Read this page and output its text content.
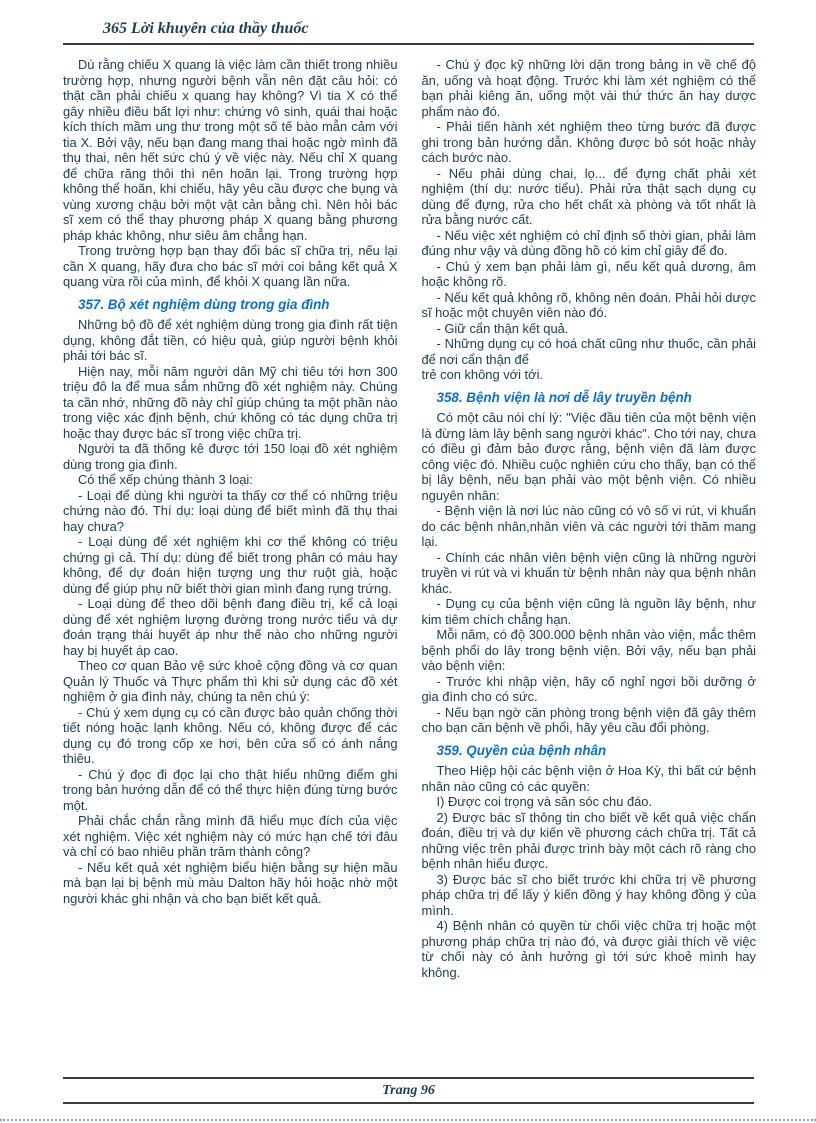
365 Lời khuyên của thầy thuốc

Dù rằng chiếu X quang là việc làm cần thiết trong nhiều trường hợp, nhưng người bệnh vẫn nên đặt câu hỏi: có thật cần phải chiếu x quang hay không? Vì tia X có thể gây nhiều điều bất lợi như: chứng vô sinh, quái thai hoặc kích thích mầm ung thư trong một số tế bào mẫn cảm với tia X. Bởi vậy, nếu bạn đang mang thai hoặc ngờ mình đã thụ thai, nên hết sức chú ý về việc này. Nếu chỉ X quang để chữa răng thôi thì nên hoãn lại. Trong trường hợp không thể hoãn, khi chiếu, hãy yêu cầu được che bụng và vùng xương chậu bởi một vật cản bằng chì. Nên hỏi bác sĩ xem có thể thay phương pháp X quang bằng phương pháp khác không, như siêu âm chẳng hạn.

Trong trường hợp bạn thay đổi bác sĩ chữa trị, nếu lại cần X quang, hãy đưa cho bác sĩ mới coi bảng kết quả X quang vừa rồi của mình, để khỏi X quang lần nữa.

357. Bộ xét nghiệm dùng trong gia đình

Những bộ đồ để xét nghiệm dùng trong gia đình rất tiện dụng, không đắt tiền, có hiệu quả, giúp người bệnh khỏi phải tới bác sĩ.

Hiện nay, mỗi năm người dân Mỹ chi tiêu tới hơn 300 triệu đô la để mua sắm những đồ xét nghiệm này. Chúng ta cần nhớ, những đồ này chỉ giúp chúng ta một phần nào trong việc xác định bệnh, chứ không có tác dụng chữa trị hoặc thay được bác sĩ trong việc chữa trị.

Người ta đã thống kê được tới 150 loại đồ xét nghiệm dùng trong gia đình.

Có thể xếp chúng thành 3 loại:

- Loại để dùng khi người ta thấy cơ thể có những triệu chứng nào đó. Thí dụ: loại dùng để biết mình đã thụ thai hay chưa?

- Loại dùng để xét nghiệm khi cơ thể không có triệu chứng gì cả. Thí dụ: dùng để biết trong phân có máu hay không, để dự đoán hiện tượng ung thư ruột già, hoặc dùng để giúp phụ nữ biết thời gian mình đang rụng trứng.

- Loại dùng để theo dõi bệnh đang điều trị, kể cả loại dùng để xét nghiệm lượng đường trong nước tiểu và dự đoán trạng thái huyết áp như thế nào cho những người hay bị huyết áp cao.

Theo cơ quan Bảo vệ sức khoẻ cộng đồng và cơ quan Quản lý Thuốc và Thực phẩm thì khi sử dụng các đồ xét nghiệm ở gia đình này, chúng ta nên chú ý:

- Chú ý xem dụng cụ có cần được bảo quản chống thời tiết nóng hoặc lạnh không. Nếu có, không được để các dụng cụ đó trong cốp xe hơi, bên cửa sổ có ánh nắng thiêu.

- Chú ý đọc đi đọc lại cho thật hiểu những điểm ghi trong bản hướng dẫn để có thể thực hiện đúng từng bước một.

Phải chắc chắn rằng mình đã hiểu mục đích của việc xét nghiệm. Việc xét nghiệm này có mức hạn chế tới đâu và chỉ có bao nhiêu phần trăm thành công?

- Nếu kết quả xét nghiệm biểu hiện bằng sự hiện mầu mà bạn lại bị bệnh mù màu Dalton hãy hỏi hoặc nhờ một người khác ghi nhận và cho bạn biết kết quả.

- Chú ý đọc kỹ những lời dặn trong bảng in về chế độ ăn, uống và hoạt động. Trước khi làm xét nghiệm có thể bạn phải kiêng ăn, uống một vài thứ thức ăn hay dược phẩm nào đó.

- Phải tiến hành xét nghiệm theo từng bước đã được ghi trong bản hướng dẫn. Không được bỏ sót hoặc nhảy cách bước nào.

- Nếu phải dùng chai, lọ... để đựng chất phải xét nghiệm (thí dụ: nước tiểu). Phải rửa thật sạch dụng cụ dùng để đựng, rửa cho hết chất xà phòng và tốt nhất là rửa bằng nước cất.

- Nếu việc xét nghiệm có chỉ định số thời gian, phải làm đúng như vậy và dùng đồng hồ có kim chỉ giây để đo.

- Chú ý xem bạn phải làm gì, nếu kết quả dương, âm hoặc không rõ.

- Nếu kết quả không rõ, không nên đoán. Phải hỏi dược sĩ hoặc một chuyên viên nào đó.

- Giữ cẩn thận kết quả.

- Những dụng cụ có hoá chất cũng như thuốc, cần phải để nơi cẩn thận để

trẻ con không với tới.

358. Bệnh viện là nơi dễ lây truyền bệnh

Có một câu nói chí lý: "Việc đầu tiên của một bệnh viện là đừng làm lây bệnh sang người khác". Cho tới nay, chưa có điều gì đảm bảo được rằng, bệnh viện đã làm được công việc đó. Nhiều cuộc nghiên cứu cho thấy, bạn có thể bị lây bệnh, nếu bạn phải vào một bệnh viện. Có nhiều nguyên nhân:

- Bệnh viện là nơi lúc nào cũng có vô số vi rút, vi khuẩn do các bệnh nhân,nhân viên và các người tới thăm mang lại.

- Chính các nhân viên bệnh viện cũng là những người truyền vi rút và vi khuẩn từ bệnh nhân này qua bệnh nhân khác.

- Dụng cụ của bệnh viện cũng là nguồn lây bệnh, như kim tiêm chích chẳng hạn.

Mỗi năm, có độ 300.000 bệnh nhân vào viện, mắc thêm bệnh phổi do lây trong bệnh viện. Bởi vậy, nếu bạn phải vào bệnh viện:

- Trước khi nhập viện, hãy cố nghỉ ngơi bồi dưỡng ở gia đình cho có sức.

- Nếu bạn ngờ căn phòng trong bệnh viện đã gây thêm cho bạn căn bệnh về phổi, hãy yêu cầu đổi phòng.

359. Quyền của bệnh nhân

Theo Hiệp hội các bệnh viện ở Hoa Kỳ, thì bất cứ bệnh nhân nào cũng có các quyền:

I) Được coi trọng và săn sóc chu đáo.

2) Được bác sĩ thông tin cho biết về kết quả việc chẩn đoán, điều trị và dự kiến về phương cách chữa trị. Tất cả những việc trên phải được trình bày một cách rõ ràng cho bệnh nhân hiểu được.

3) Được bác sĩ cho biết trước khi chữa trị về phương pháp chữa trị để lấy ý kiến đồng ý hay không đồng ý của mình.

4) Bệnh nhân có quyền từ chối việc chữa trị hoặc một phương pháp chữa trị nào đó, và được giải thích về việc từ chối này có ảnh hưởng gì tới sức khoẻ mình hay không.

Trang 96
